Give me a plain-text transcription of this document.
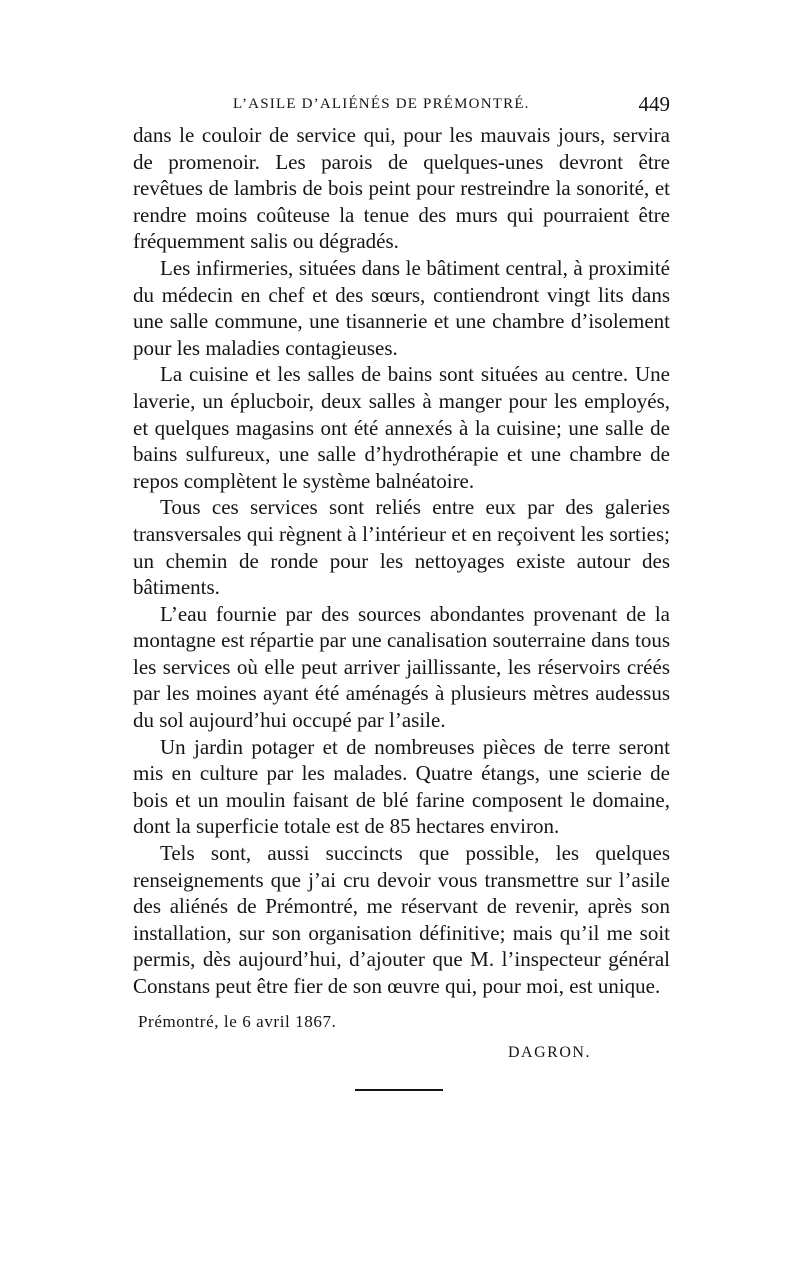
L’ASILE D’ALIÉNÉS DE PRÉMONTRÉ.	449

dans le couloir de service qui, pour les mauvais jours, servira de promenoir. Les parois de quelques-unes devront être revêtues de lambris de bois peint pour restreindre la sonorité, et rendre moins coûteuse la tenue des murs qui pourraient être fréquemment salis ou dégradés.

Les infirmeries, situées dans le bâtiment central, à proximité du médecin en chef et des sœurs, contiendront vingt lits dans une salle commune, une tisannerie et une chambre d’isolement pour les maladies contagieuses.

La cuisine et les salles de bains sont situées au centre. Une laverie, un éplucboir, deux salles à manger pour les employés, et quelques magasins ont été annexés à la cuisine; une salle de bains sulfureux, une salle d’hydrothérapie et une chambre de repos complètent le système balnéatoire.

Tous ces services sont reliés entre eux par des galeries transversales qui règnent à l’intérieur et en reçoivent les sorties; un chemin de ronde pour les nettoyages existe autour des bâtiments.

L’eau fournie par des sources abondantes provenant de la montagne est répartie par une canalisation souterraine dans tous les services où elle peut arriver jaillissante, les réservoirs créés par les moines ayant été aménagés à plusieurs mètres audessus du sol aujourd’hui occupé par l’asile.

Un jardin potager et de nombreuses pièces de terre seront mis en culture par les malades. Quatre étangs, une scierie de bois et un moulin faisant de blé farine composent le domaine, dont la superficie totale est de 85 hectares environ.

Tels sont, aussi succincts que possible, les quelques renseignements que j’ai cru devoir vous transmettre sur l’asile des aliénés de Prémontré, me réservant de revenir, après son installation, sur son organisation définitive; mais qu’il me soit permis, dès aujourd’hui, d’ajouter que M. l’inspecteur général Constans peut être fier de son œuvre qui, pour moi, est unique.

Prémontré, le 6 avril 1867.
DAGRON.
